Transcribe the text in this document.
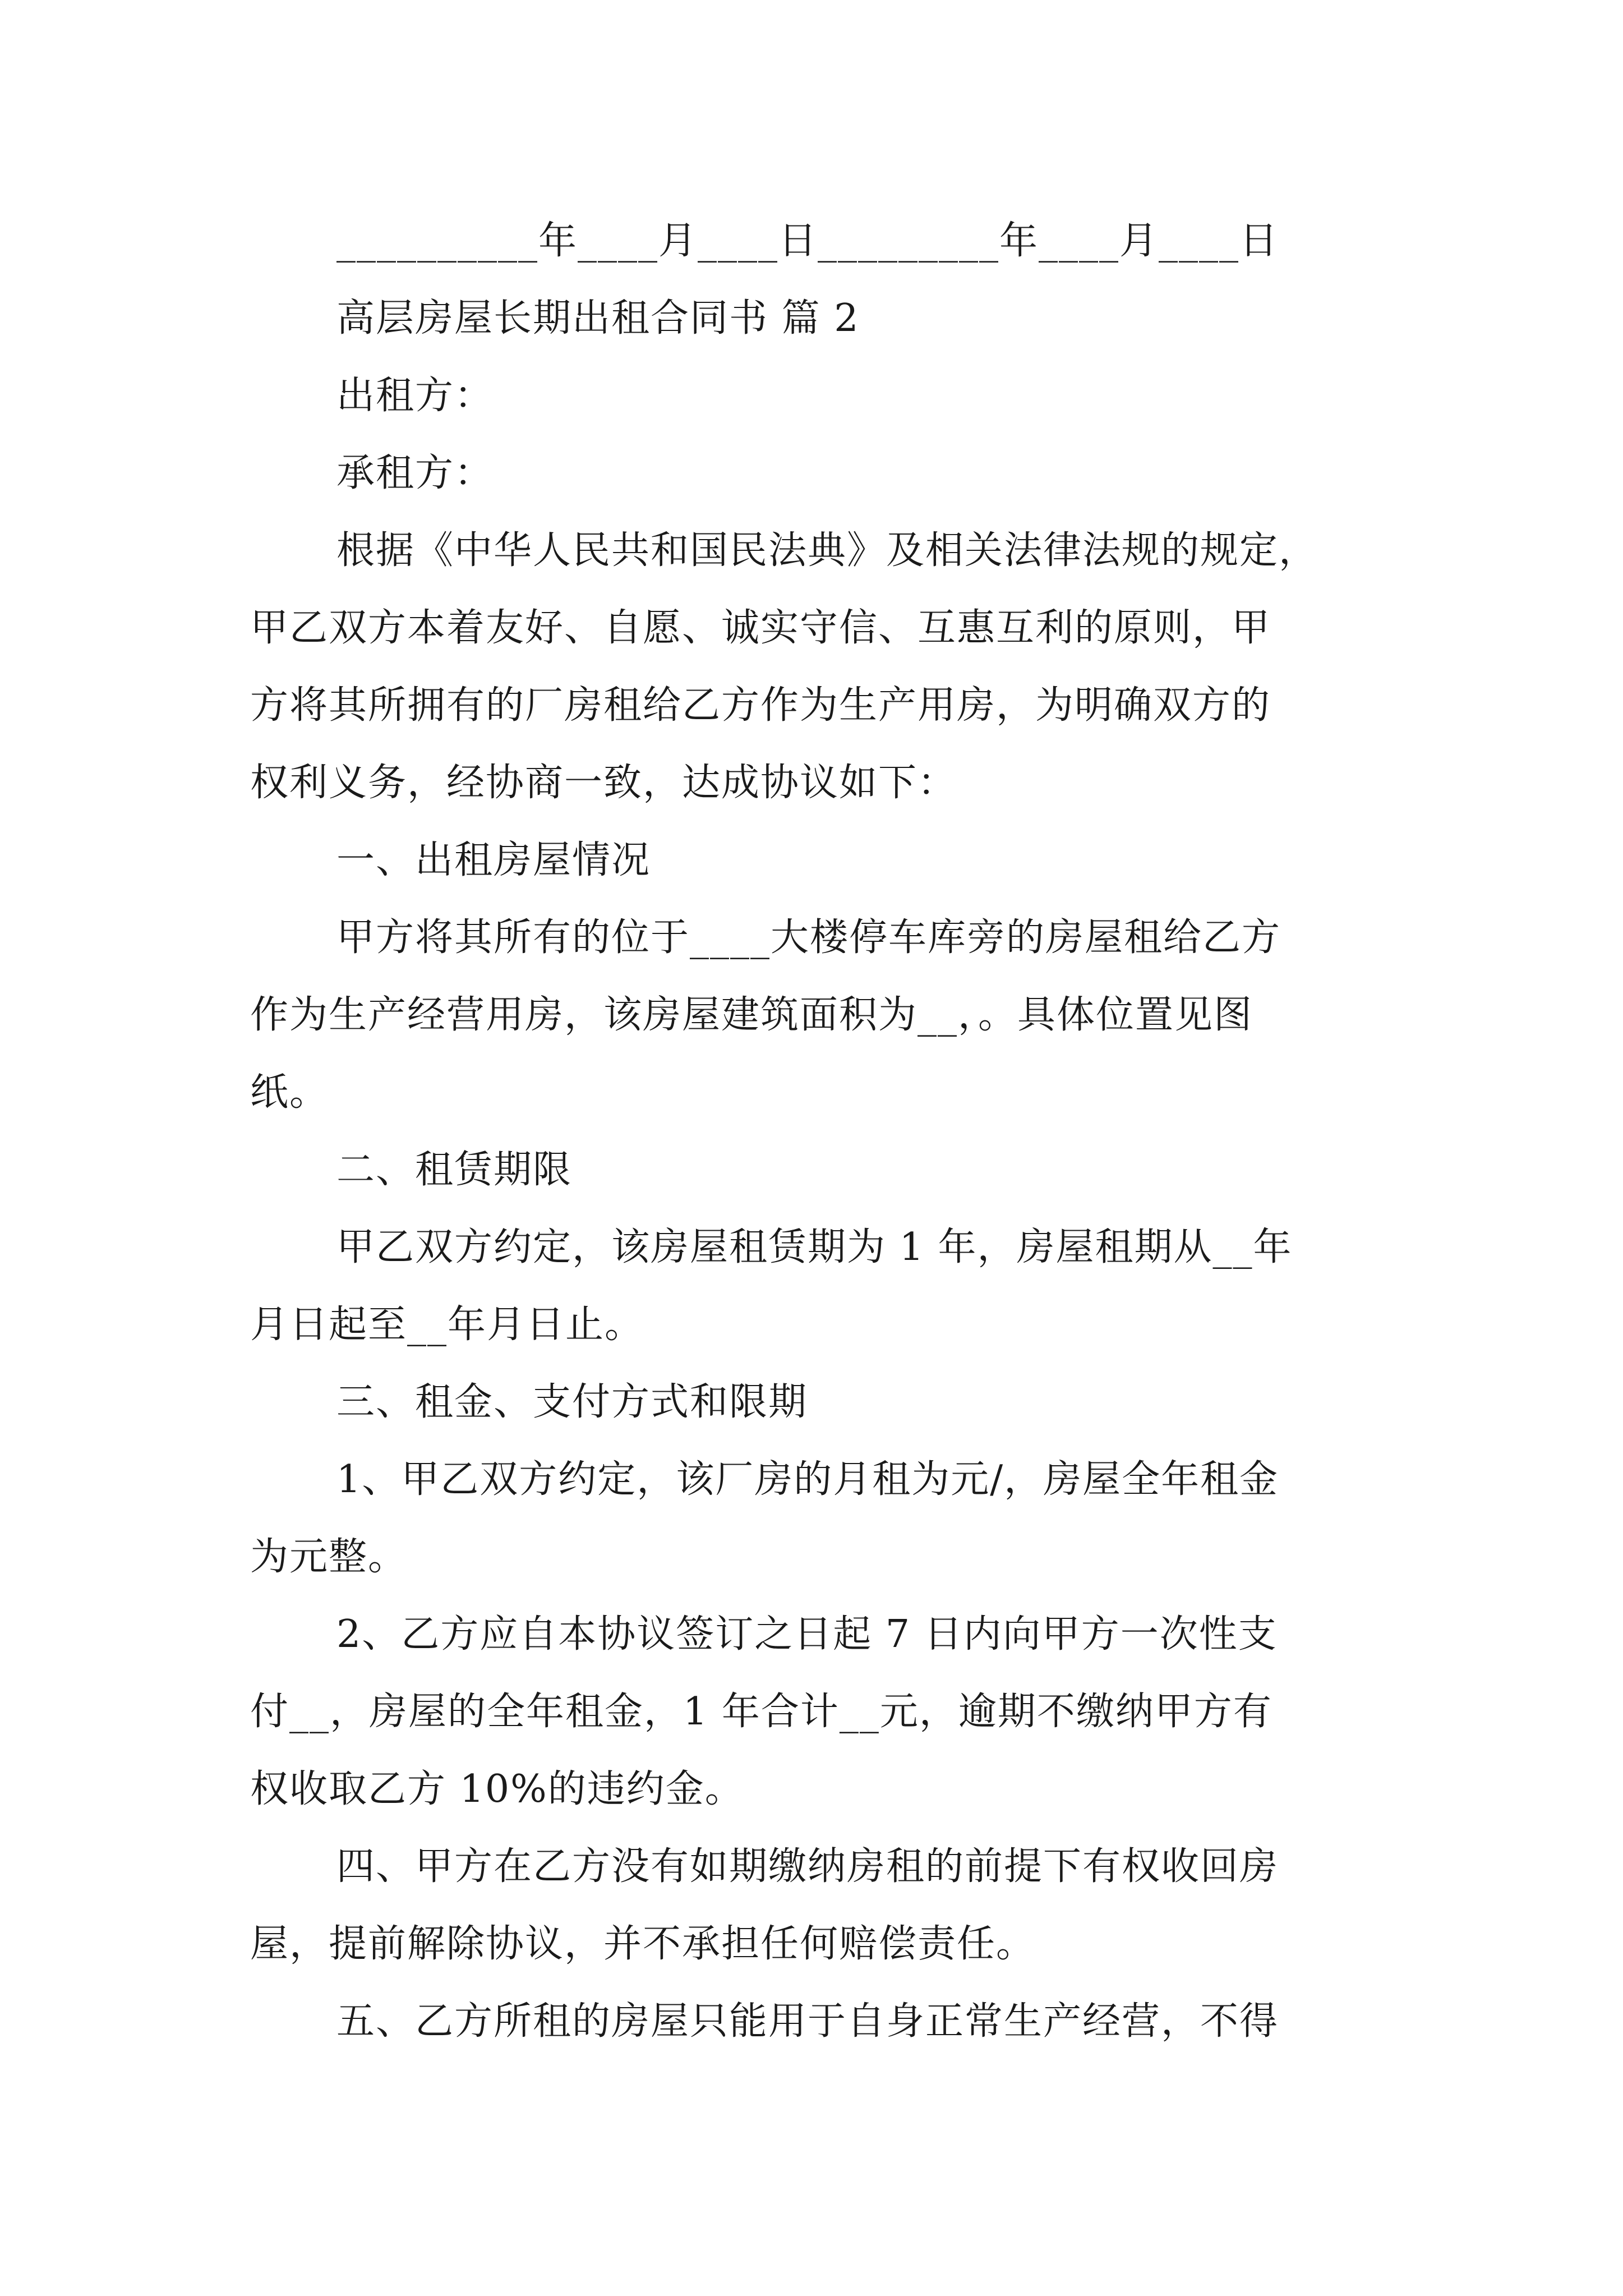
__________年____月____日_________年____月____日
高层房屋长期出租合同书 篇 2
出租方：
承租方：
根据《中华人民共和国民法典》及相关法律法规的规定，
甲乙双方本着友好、自愿、诚实守信、互惠互利的原则，甲
方将其所拥有的厂房租给乙方作为生产用房，为明确双方的
权利义务，经协商一致，达成协议如下：
一、出租房屋情况
甲方将其所有的位于____大楼停车库旁的房屋租给乙方
作为生产经营用房，该房屋建筑面积为__，。具体位置见图
纸。
二、租赁期限
甲乙双方约定，该房屋租赁期为 1 年，房屋租期从__年
月日起至__年月日止。
三、租金、支付方式和限期
1、甲乙双方约定，该厂房的月租为元/，房屋全年租金
为元整。
2、乙方应自本协议签订之日起 7 日内向甲方一次性支
付__，房屋的全年租金，1 年合计__元，逾期不缴纳甲方有
权收取乙方 10%的违约金。
四、甲方在乙方没有如期缴纳房租的前提下有权收回房
屋，提前解除协议，并不承担任何赔偿责任。
五、乙方所租的房屋只能用于自身正常生产经营，不得
